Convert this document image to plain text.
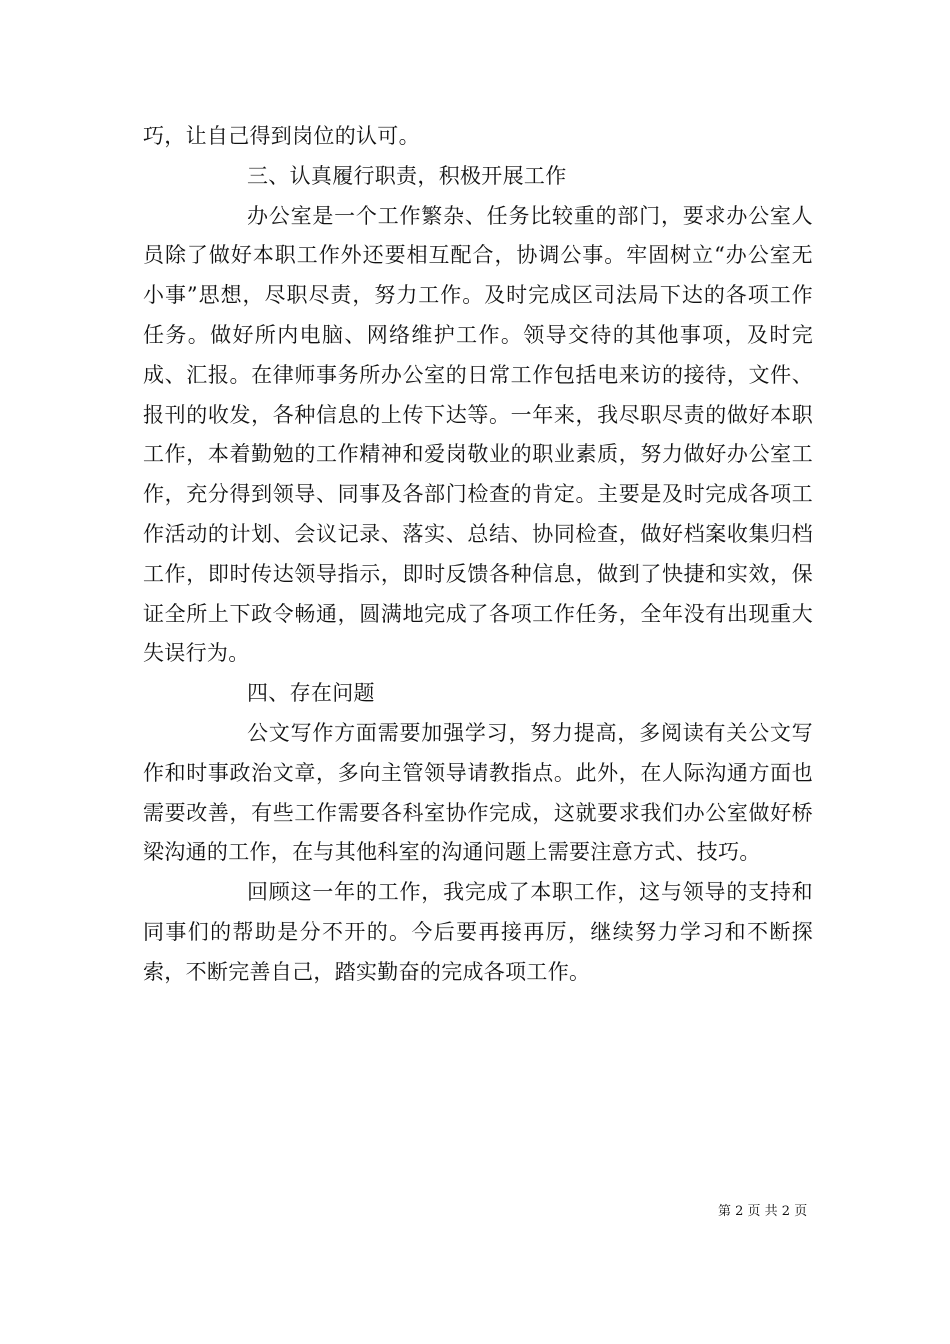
巧，让自己得到岗位的认可。

三、认真履行职责，积极开展工作

办公室是一个工作繁杂、任务比较重的部门，要求办公室人员除了做好本职工作外还要相互配合，协调公事。牢固树立“办公室无小事”思想，尽职尽责，努力工作。及时完成区司法局下达的各项工作任务。做好所内电脑、网络维护工作。领导交待的其他事项，及时完成、汇报。在律师事务所办公室的日常工作包括电来访的接待，文件、报刊的收发，各种信息的上传下达等。一年来，我尽职尽责的做好本职工作，本着勤勉的工作精神和爱岗敬业的职业素质，努力做好办公室工作，充分得到领导、同事及各部门检查的肯定。主要是及时完成各项工作活动的计划、会议记录、落实、总结、协同检查，做好档案收集归档工作，即时传达领导指示，即时反馈各种信息，做到了快捷和实效，保证全所上下政令畅通，圆满地完成了各项工作任务，全年没有出现重大失误行为。

四、存在问题

公文写作方面需要加强学习，努力提高，多阅读有关公文写作和时事政治文章，多向主管领导请教指点。此外，在人际沟通方面也需要改善，有些工作需要各科室协作完成，这就要求我们办公室做好桥梁沟通的工作，在与其他科室的沟通问题上需要注意方式、技巧。

回顾这一年的工作，我完成了本职工作，这与领导的支持和同事们的帮助是分不开的。今后要再接再厉，继续努力学习和不断探索，不断完善自己，踏实勤奋的完成各项工作。

第 2 页 共 2 页
